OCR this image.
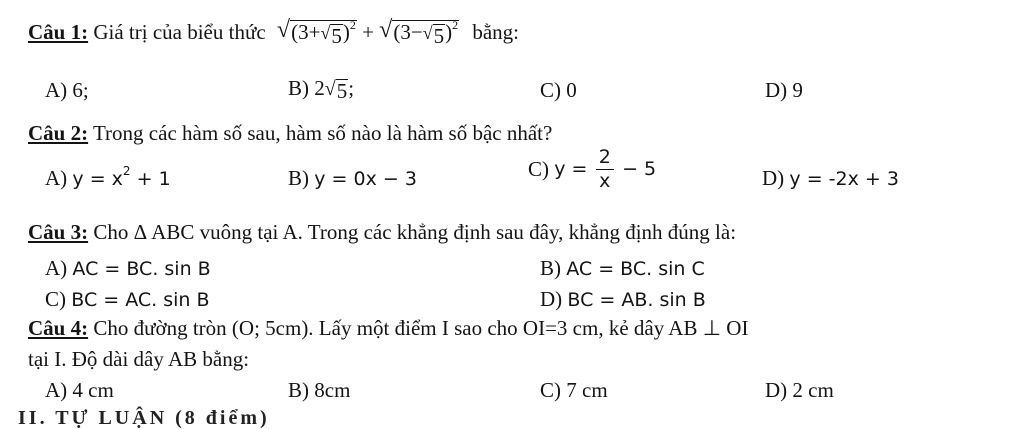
Câu 1: Giá trị của biểu thức √ (3+ √ 5 )$^2$ + √ (3− √ 5 )$^2$ bằng:
A) 6;	B) 2 √ 5 ;	C) 0	D) 9
Câu 2: Trong các hàm số sau, hàm số nào là hàm số bậc nhất?
A) $y = x^2 + 1$	B) y = 0x − 3	C) $y = \frac{2}{x} - 5$	D) y = -2x + 3
Câu 3: Cho Δ ABC vuông tại A. Trong các khẳng định sau đây, khẳng định đúng là:
A) AC = BC. sin B	B) AC = BC. sin C
C) BC = AC. sin B	D) BC = AB. sin B
Câu 4: Cho đường tròn (O; 5cm). Lấy một điểm I sao cho OI=3 cm, kẻ dây AB ⊥ OI
tại I. Độ dài dây AB bằng:
A) 4 cm	B) 8cm	C) 7 cm	D) 2 cm
II. TỰ LUẬN (8 điểm)
